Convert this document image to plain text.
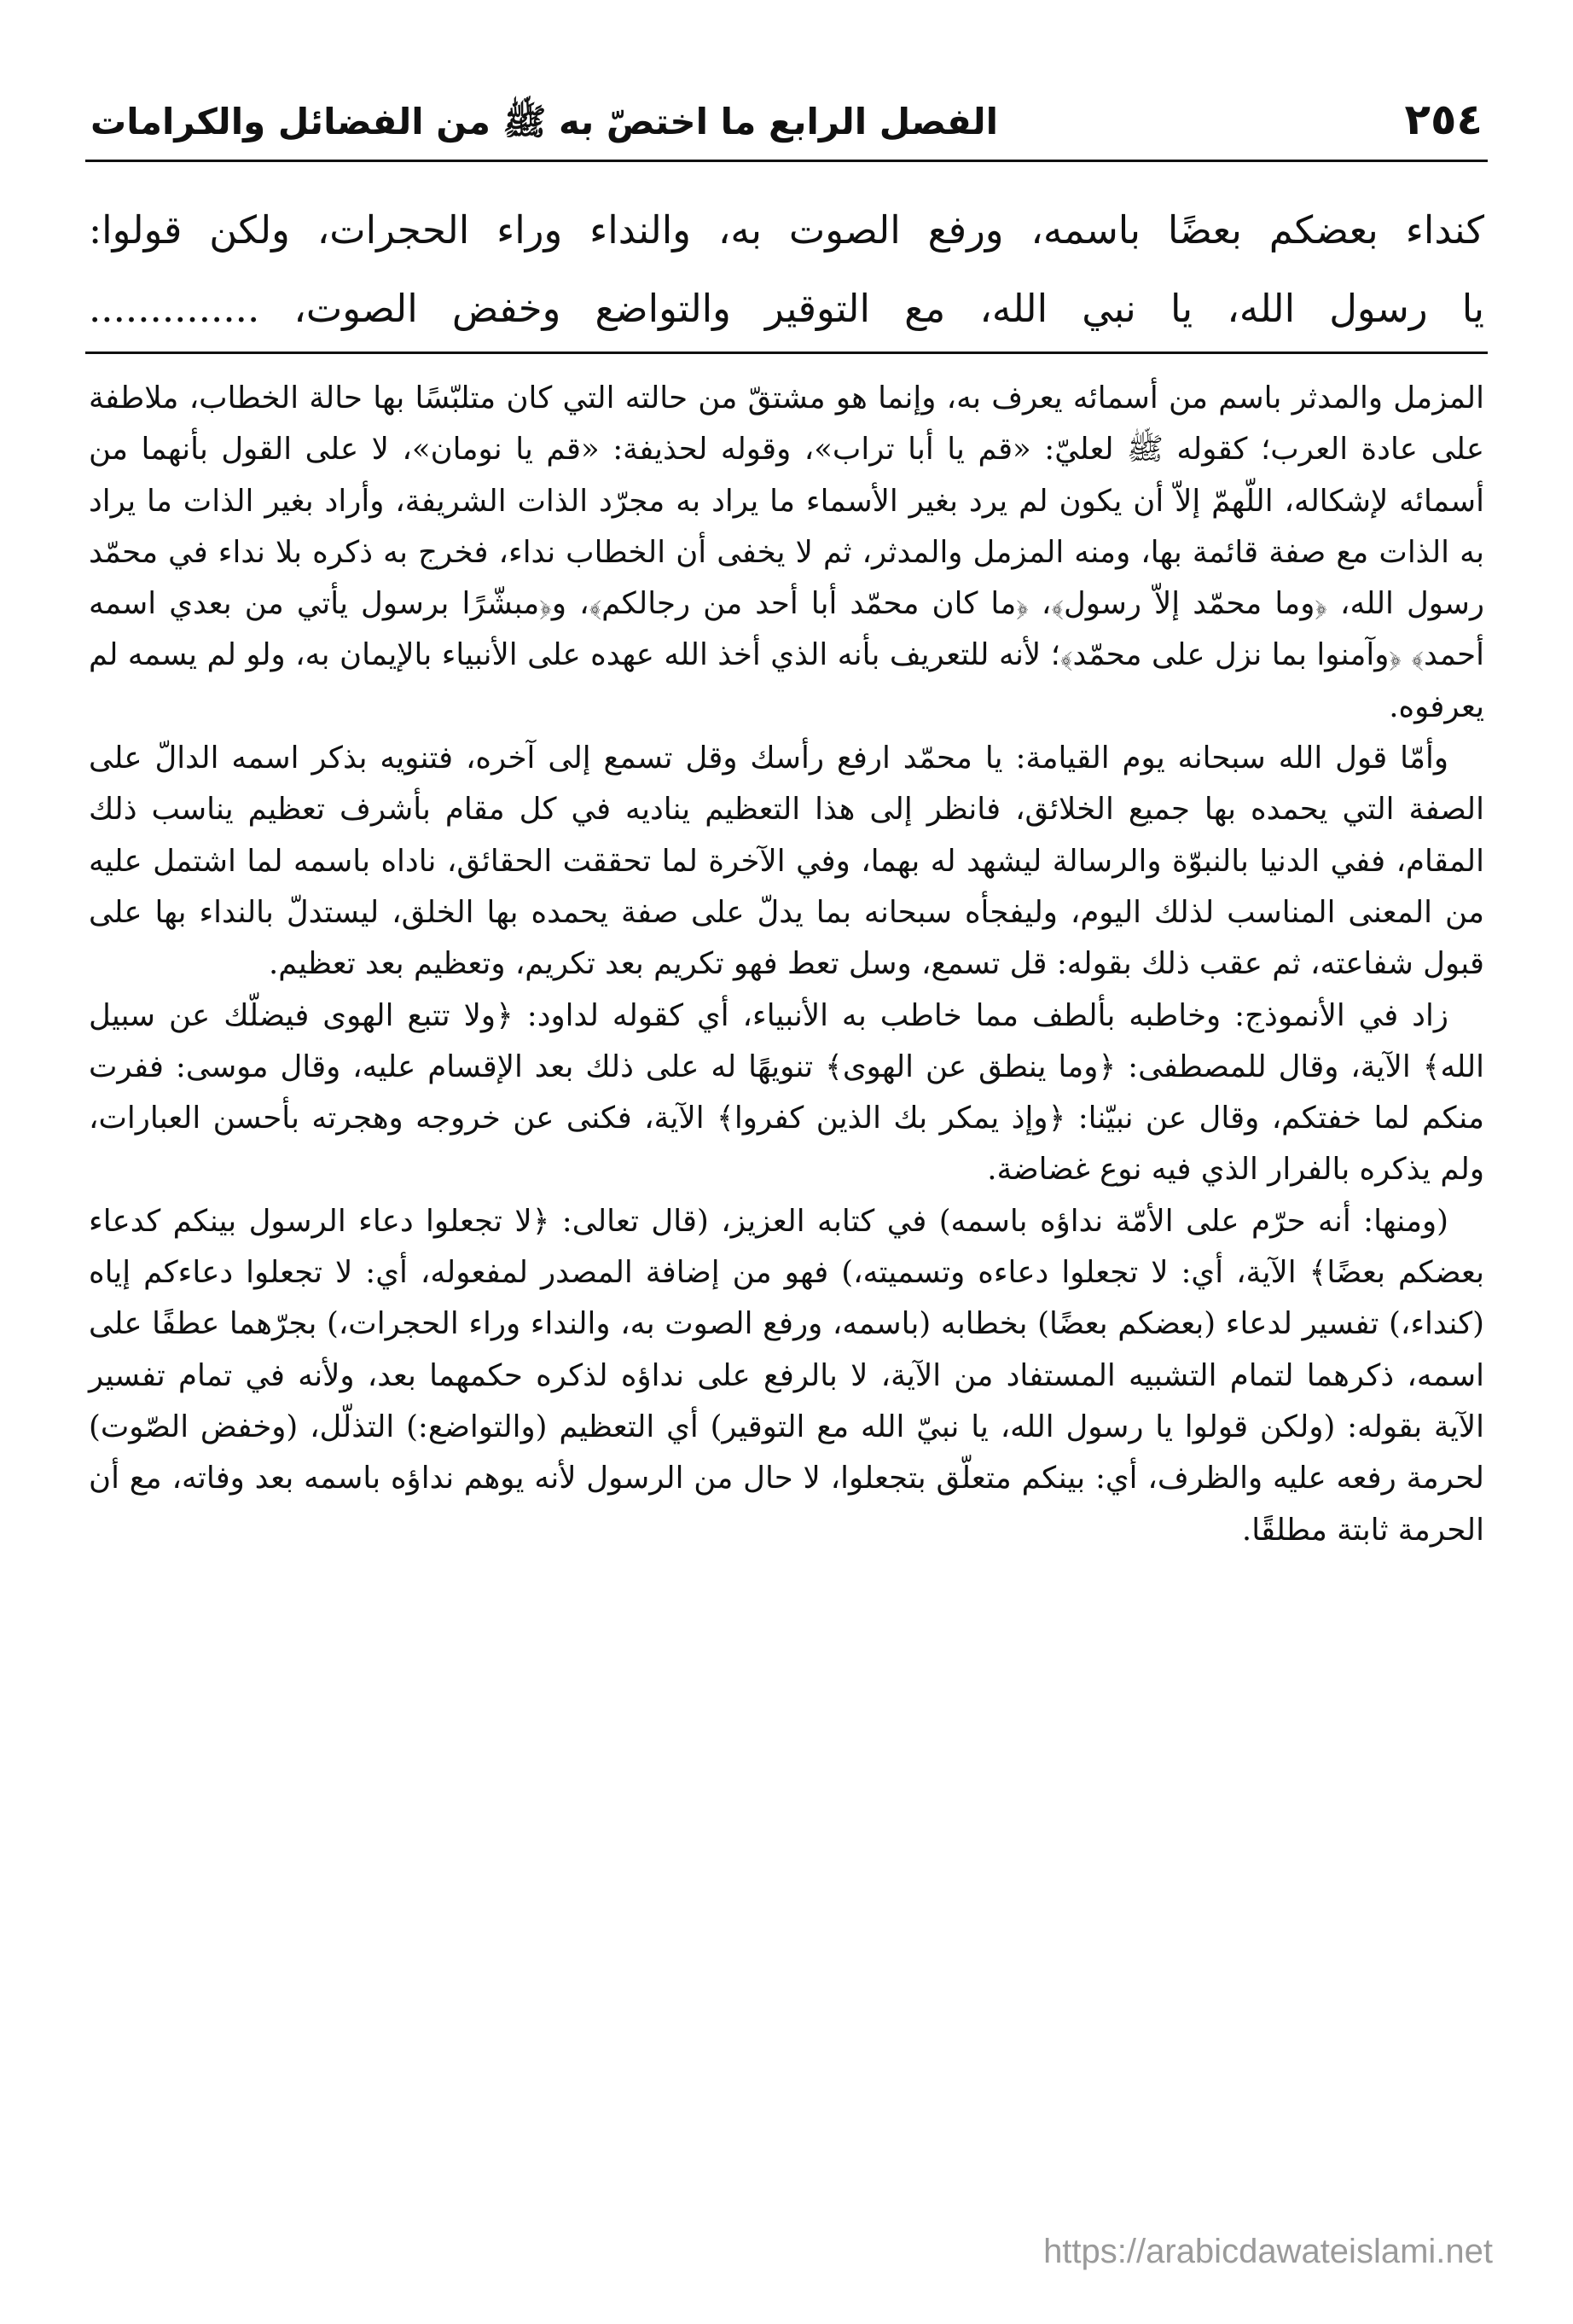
٢٥٤
الفصل الرابع ما اختصّ به ﷺ من الفضائل والكرامات

كنداء بعضكم بعضًا باسمه، ورفع الصوت به، والنداء وراء الحجرات، ولكن قولوا:

يا رسول الله، يا نبي الله، مع التوقير والتواضع وخفض الصوت، ..............

المزمل والمدثر باسم من أسمائه يعرف به، وإنما هو مشتقّ من حالته التي كان متلبّسًا بها حالة الخطاب، ملاطفة على عادة العرب؛ كقوله ﷺ لعليّ: «قم يا أبا تراب»، وقوله لحذيفة: «قم يا نومان»، لا على القول بأنهما من أسمائه لإشكاله، اللّهمّ إلاّ أن يكون لم يرد بغير الأسماء ما يراد به مجرّد الذات الشريفة، وأراد بغير الذات ما يراد به الذات مع صفة قائمة بها، ومنه المزمل والمدثر، ثم لا يخفى أن الخطاب نداء، فخرج به ذكره بلا نداء في محمّد رسول الله، ﴿وما محمّد إلاّ رسول﴾، ﴿ما كان محمّد أبا أحد من رجالكم﴾، و﴿مبشّرًا برسول يأتي من بعدي اسمه أحمد﴾ ﴿وآمنوا بما نزل على محمّد﴾؛ لأنه للتعريف بأنه الذي أخذ الله عهده على الأنبياء بالإيمان به، ولو لم يسمه لم يعرفوه.

وأمّا قول الله سبحانه يوم القيامة: يا محمّد ارفع رأسك وقل تسمع إلى آخره، فتنويه بذكر اسمه الدالّ على الصفة التي يحمده بها جميع الخلائق، فانظر إلى هذا التعظيم يناديه في كل مقام بأشرف تعظيم يناسب ذلك المقام، ففي الدنيا بالنبوّة والرسالة ليشهد له بهما، وفي الآخرة لما تحققت الحقائق، ناداه باسمه لما اشتمل عليه من المعنى المناسب لذلك اليوم، وليفجأه سبحانه بما يدلّ على صفة يحمده بها الخلق، ليستدلّ بالنداء بها على قبول شفاعته، ثم عقب ذلك بقوله: قل تسمع، وسل تعط فهو تكريم بعد تكريم، وتعظيم بعد تعظيم.

زاد في الأنموذج: وخاطبه بألطف مما خاطب به الأنبياء، أي كقوله لداود: ﴿ولا تتبع الهوى فيضلّك عن سبيل الله﴾ الآية، وقال للمصطفى: ﴿وما ينطق عن الهوى﴾ تنويهًا له على ذلك بعد الإقسام عليه، وقال موسى: ففرت منكم لما خفتكم، وقال عن نبيّنا: ﴿وإذ يمكر بك الذين كفروا﴾ الآية، فكنى عن خروجه وهجرته بأحسن العبارات، ولم يذكره بالفرار الذي فيه نوع غضاضة.

(ومنها: أنه حرّم على الأمّة نداؤه باسمه) في كتابه العزيز، (قال تعالى: ﴿لا تجعلوا دعاء الرسول بينكم كدعاء بعضكم بعضًا﴾ الآية، أي: لا تجعلوا دعاءه وتسميته،) فهو من إضافة المصدر لمفعوله، أي: لا تجعلوا دعاءكم إياه (كنداء،) تفسير لدعاء (بعضكم بعضًا) بخطابه (باسمه، ورفع الصوت به، والنداء وراء الحجرات،) بجرّهما عطفًا على اسمه، ذكرهما لتمام التشبيه المستفاد من الآية، لا بالرفع على نداؤه لذكره حكمهما بعد، ولأنه في تمام تفسير الآية بقوله: (ولكن قولوا يا رسول الله، يا نبيّ الله مع التوقير) أي التعظيم (والتواضع:) التذلّل، (وخفض الصّوت) لحرمة رفعه عليه والظرف، أي: بينكم متعلّق بتجعلوا، لا حال من الرسول لأنه يوهم نداؤه باسمه بعد وفاته، مع أن الحرمة ثابتة مطلقًا.

https://arabicdawateislami.net
